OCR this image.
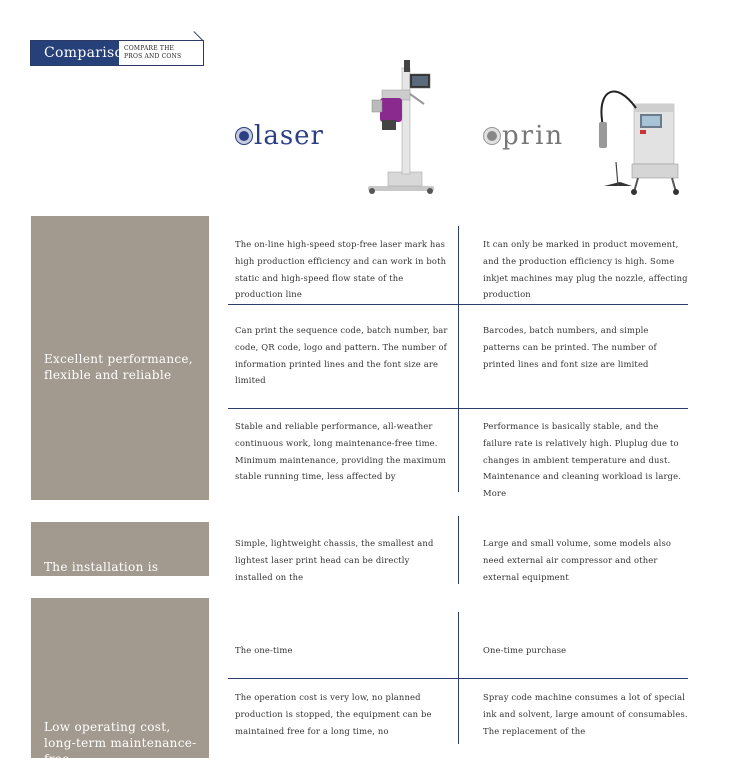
Compariso COMPARE THE
PROS AND CONS
laser	prin
Excellent performance, flexible and reliable
The installation is
Low operating cost, long-term maintenance-free
The on-line high-speed stop-free laser mark has high production efficiency and can work in both static and high-speed flow state of the production line
It can only be marked in product movement, and the production efficiency is high. Some inkjet machines may plug the nozzle, affecting production
Can print the sequence code, batch number, bar code, QR code, logo and pattern. The number of information printed lines and the font size are limited
Barcodes, batch numbers, and simple patterns can be printed. The number of printed lines and font size are limited
Stable and reliable performance, all-weather continuous work, long maintenance-free time. Minimum maintenance, providing the maximum stable running time, less affected by
Performance is basically stable, and the failure rate is relatively high. Pluplug due to changes in ambient temperature and dust. Maintenance and cleaning workload is large. More
Simple, lightweight chassis, the smallest and lightest laser print head can be directly installed on the
Large and small volume, some models also need external air compressor and other external equipment
The one-time	One-time purchase
The operation cost is very low, no planned production is stopped, the equipment can be maintained free for a long time, no
Spray code machine consumes a lot of special ink and solvent, large amount of consumables. The replacement of the
